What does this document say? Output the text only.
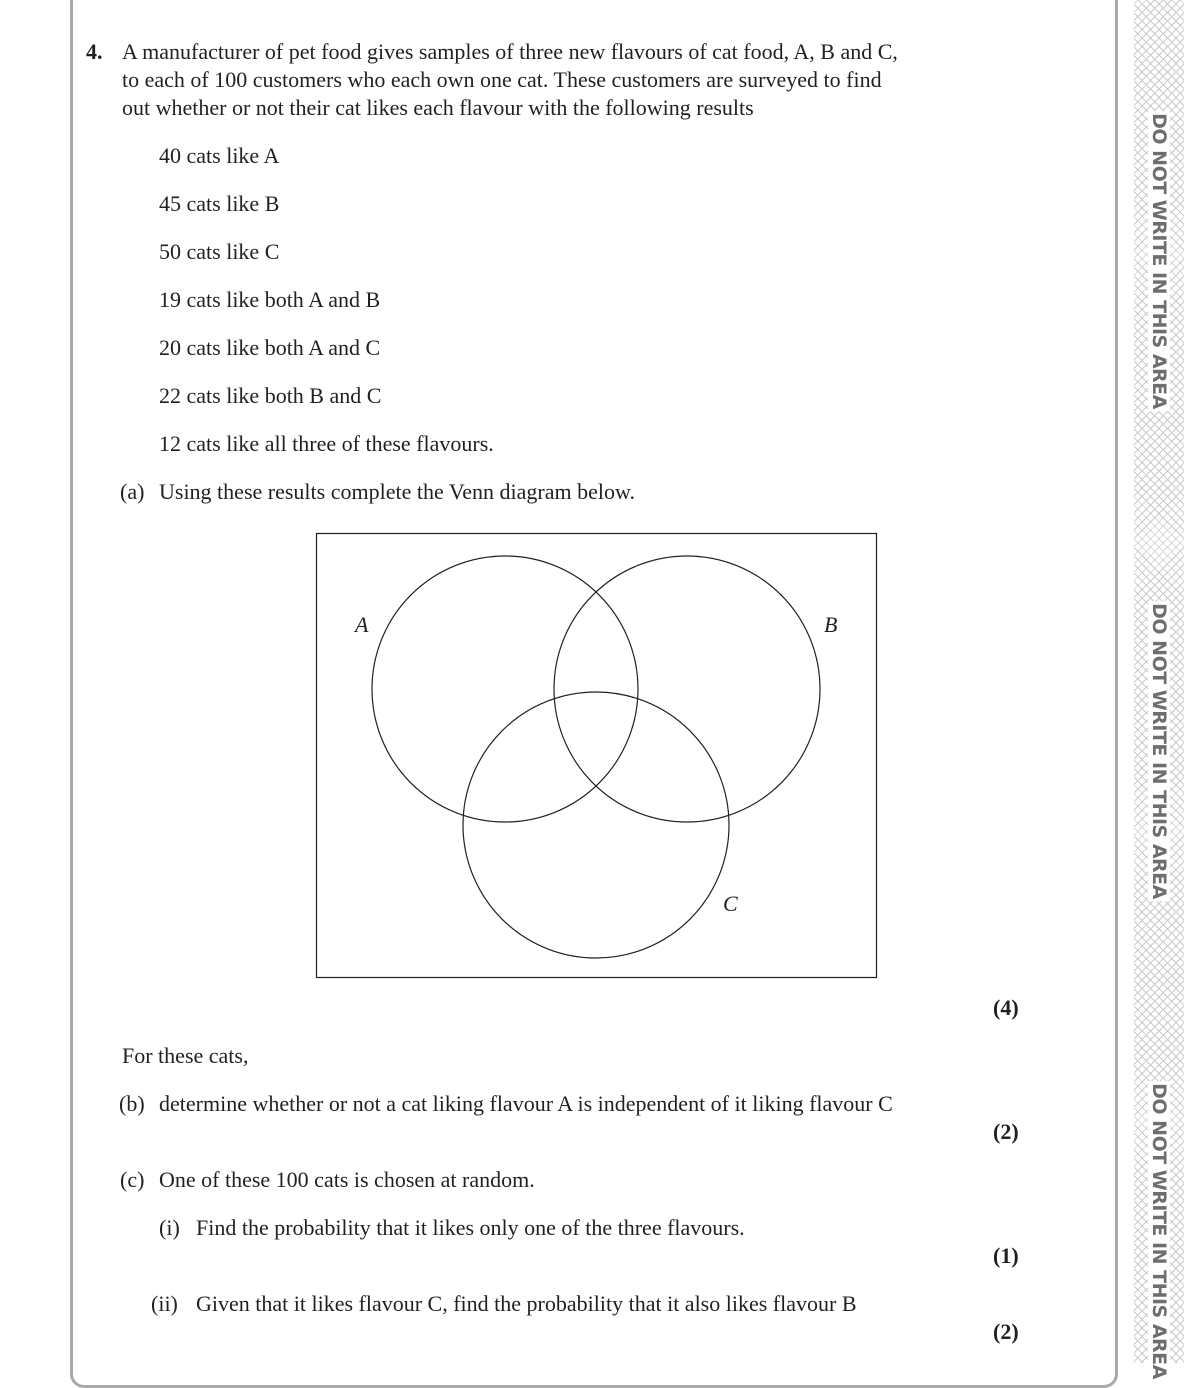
DO NOT WRITE IN THIS AREA
DO NOT WRITE IN THIS AREA
DO NOT WRITE IN THIS AREA
4. A manufacturer of pet food gives samples of three new flavours of cat food, A, B and C,
to each of 100 customers who each own one cat. These customers are surveyed to find
out whether or not their cat likes each flavour with the following results
40 cats like A
45 cats like B
50 cats like C
19 cats like both A and B
20 cats like both A and C
22 cats like both B and C
12 cats like all three of these flavours.
(a) Using these results complete the Venn diagram below.
A	B
C
(4)
For these cats,
(b) determine whether or not a cat liking flavour A is independent of it liking flavour C
(2)
(c) One of these 100 cats is chosen at random.
(i) Find the probability that it likes only one of the three flavours.
(1)
(ii) Given that it likes flavour C, find the probability that it also likes flavour B
(2)
